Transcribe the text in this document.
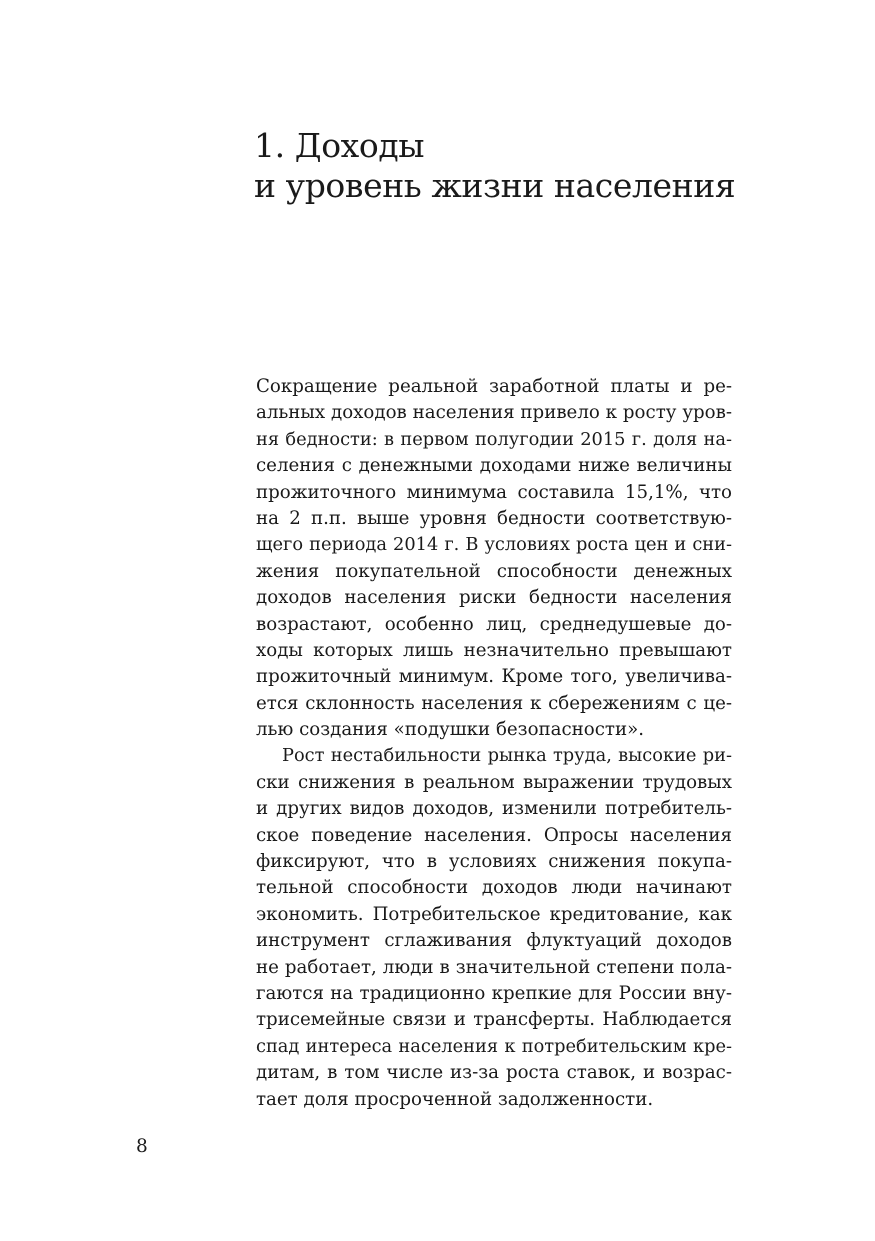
1. Доходы
и уровень жизни населения
Сокращение реальной заработной платы и ре-
альных доходов населения привело к росту уров-
ня бедности: в первом полугодии 2015 г. доля на-
селения с денежными доходами ниже величины
прожиточного минимума составила 15,1%, что
на 2 п.п. выше уровня бедности соответствую-
щего периода 2014 г. В условиях роста цен и сни-
жения покупательной способности денежных
доходов населения риски бедности населения
возрастают, особенно лиц, среднедушевые до-
ходы которых лишь незначительно превышают
прожиточный минимум. Кроме того, увеличива-
ется склонность населения к сбережениям с це-
лью создания «подушки безопасности».
Рост нестабильности рынка труда, высокие ри-
ски снижения в реальном выражении трудовых
и других видов доходов, изменили потребитель-
ское поведение населения. Опросы населения
фиксируют, что в условиях снижения покупа-
тельной способности доходов люди начинают
экономить. Потребительское кредитование, как
инструмент сглаживания флуктуаций доходов
не работает, люди в значительной степени пола-
гаются на традиционно крепкие для России вну-
трисемейные связи и трансферты. Наблюдается
спад интереса населения к потребительским кре-
дитам, в том числе из-за роста ставок, и возрас-
тает доля просроченной задолженности.
8
